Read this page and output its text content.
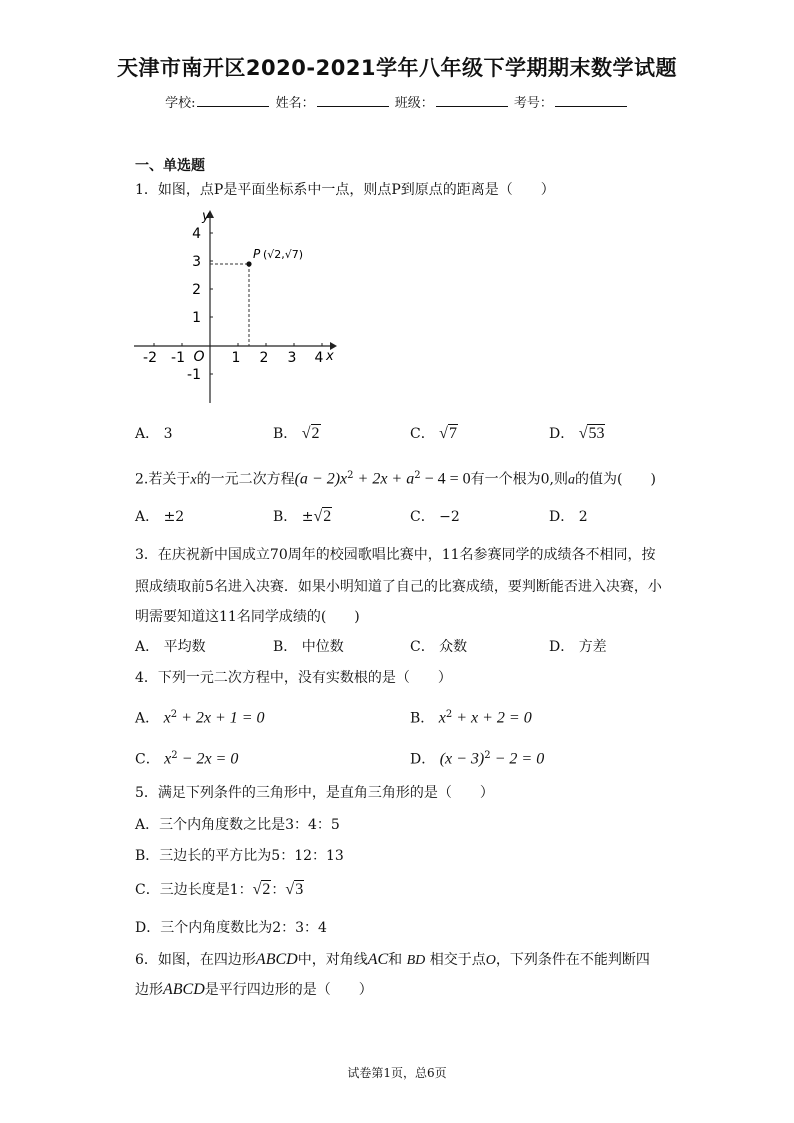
天津市南开区2020-2021学年八年级下学期期末数学试题
学校:	姓名：	班级：	考号：
一、单选题
1．如图，点P是平面坐标系中一点，则点P到原点的距离是（　　）
-2 -1 O 1 2 3 4 x
4
3
2
1
-1
y
P (√2,√7)
A． 3	B． √2	C． √7	D． √53
2.若关于x的一元二次方程$(a - 2)x^2 + 2x + a^2 - 4 = 0$有一个根为0,则a的值为(　　)
A． ±2	B． ±√2	C． −2	D． 2
3．在庆祝新中国成立70周年的校园歌唱比赛中，11名参赛同学的成绩各不相同，按
照成绩取前5名进入决赛．如果小明知道了自己的比赛成绩，要判断能否进入决赛，小
明需要知道这11名同学成绩的(　　)
A． 平均数	B． 中位数	C． 众数	D． 方差
4．下列一元二次方程中，没有实数根的是（　　）
A． $x^2 + 2x + 1 = 0$	B． $x^2 + x + 2 = 0$
C． $x^2 - 2x = 0$	D． $(x - 3)^2 - 2 = 0$
5．满足下列条件的三角形中，是直角三角形的是（　　）
A．三个内角度数之比是3：4：5
B．三边长的平方比为5：12：13
C．三边长度是1：√2：√3
D．三个内角度数比为2：3：4
6．如图，在四边形ABCD中，对角线AC和 BD 相交于点O，下列条件在不能判断四
边形ABCD是平行四边形的是（　　）
试卷第1页，总6页
